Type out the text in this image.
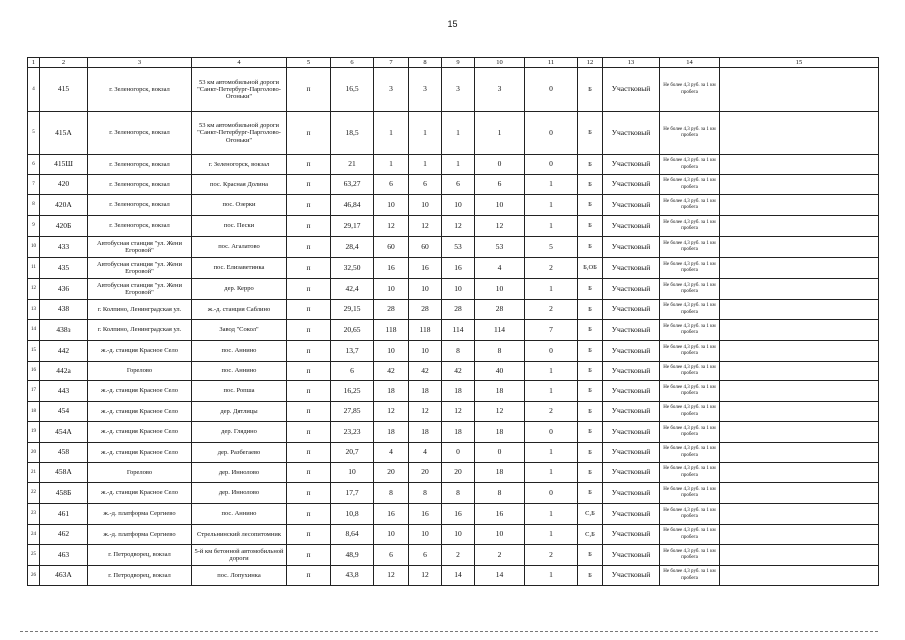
15
1	2	3	4	5	6	7	8	9	10	11	12	13	14	15
4	415	г. Зеленогорск, вокзал	53 км автомобильной дороги "Санкт-Петербург-Парголово-Огоньки"	п	16,5	3	3	3	3	0	Б	Участковый	Не более 4,3 руб. за 1 км пробега	
5	415А	г. Зеленогорск, вокзал	53 км автомобильной дороги "Санкт-Петербург-Парголово-Огоньки"	п	18,5	1	1	1	1	0	Б	Участковый	Не более 4,3 руб. за 1 км пробега	
6	415Ш	г. Зеленогорск, вокзал	г. Зеленогорск, вокзал	п	21	1	1	1	0	0	Б	Участковый	Не более 4,3 руб. за 1 км пробега	
7	420	г. Зеленогорск, вокзал	пос. Красная Долина	п	63,27	6	6	6	6	1	Б	Участковый	Не более 4,3 руб. за 1 км пробега	
8	420А	г. Зеленогорск, вокзал	пос. Озерки	п	46,84	10	10	10	10	1	Б	Участковый	Не более 4,3 руб. за 1 км пробега	
9	420Б	г. Зеленогорск, вокзал	пос. Пески	п	29,17	12	12	12	12	1	Б	Участковый	Не более 4,3 руб. за 1 км пробега	
10	433	Автобусная станция "ул. Жени Егоровой"	пос. Агалатово	п	28,4	60	60	53	53	5	Б	Участковый	Не более 4,3 руб. за 1 км пробега	
11	435	Автобусная станция "ул. Жени Егоровой"	пос. Елизаветинка	п	32,50	16	16	16	4	2	Б,ОБ	Участковый	Не более 4,3 руб. за 1 км пробега	
12	436	Автобусная станция "ул. Жени Егоровой"	дер. Керро	п	42,4	10	10	10	10	1	Б	Участковый	Не более 4,3 руб. за 1 км пробега	
13	438	г. Колпино, Ленинградская ул.	ж.-д. станция Саблино	п	29,15	28	28	28	28	2	Б	Участковый	Не более 4,3 руб. за 1 км пробега	
14	438з	г. Колпино, Ленинградская ул.	Завод "Сокол"	п	20,65	118	118	114	114	7	Б	Участковый	Не более 4,3 руб. за 1 км пробега	
15	442	ж.-д. станция Красное Село	пос. Аннино	п	13,7	10	10	8	8	0	Б	Участковый	Не более 4,3 руб. за 1 км пробега	
16	442а	Горелово	пос. Аннино	п	6	42	42	42	40	1	Б	Участковый	Не более 4,3 руб. за 1 км пробега	
17	443	ж.-д. станция Красное Село	пос. Ропша	п	16,25	18	18	18	18	1	Б	Участковый	Не более 4,3 руб. за 1 км пробега	
18	454	ж.-д. станция Красное Село	дер. Дятлицы	п	27,85	12	12	12	12	2	Б	Участковый	Не более 4,3 руб. за 1 км пробега	
19	454А	ж.-д. станция Красное Село	дер. Глядино	п	23,23	18	18	18	18	0	Б	Участковый	Не более 4,3 руб. за 1 км пробега	
20	458	ж.-д. станция Красное Село	дер. Разбегаево	п	20,7	4	4	0	0	1	Б	Участковый	Не более 4,3 руб. за 1 км пробега	
21	458А	Горелово	дер. Иннолово	п	10	20	20	20	18	1	Б	Участковый	Не более 4,3 руб. за 1 км пробега	
22	458Б	ж.-д. станция Красное Село	дер. Иннолово	п	17,7	8	8	8	8	0	Б	Участковый	Не более 4,3 руб. за 1 км пробега	
23	461	ж.-д. платформа Сергиево	пос. Аннино	п	10,8	16	16	16	16	1	С,Б	Участковый	Не более 4,3 руб. за 1 км пробега	
24	462	ж.-д. платформа Сергиево	Стрельнинский лесопитомник	п	8,64	10	10	10	10	1	С,Б	Участковый	Не более 4,3 руб. за 1 км пробега	
25	463	г. Петродворец, вокзал	5-й км бетонной автомобильной дороги	п	48,9	6	6	2	2	2	Б	Участковый	Не более 4,3 руб. за 1 км пробега	
26	463А	г. Петродворец, вокзал	пос. Лопухинка	п	43,8	12	12	14	14	1	Б	Участковый	Не более 4,3 руб. за 1 км пробега	
